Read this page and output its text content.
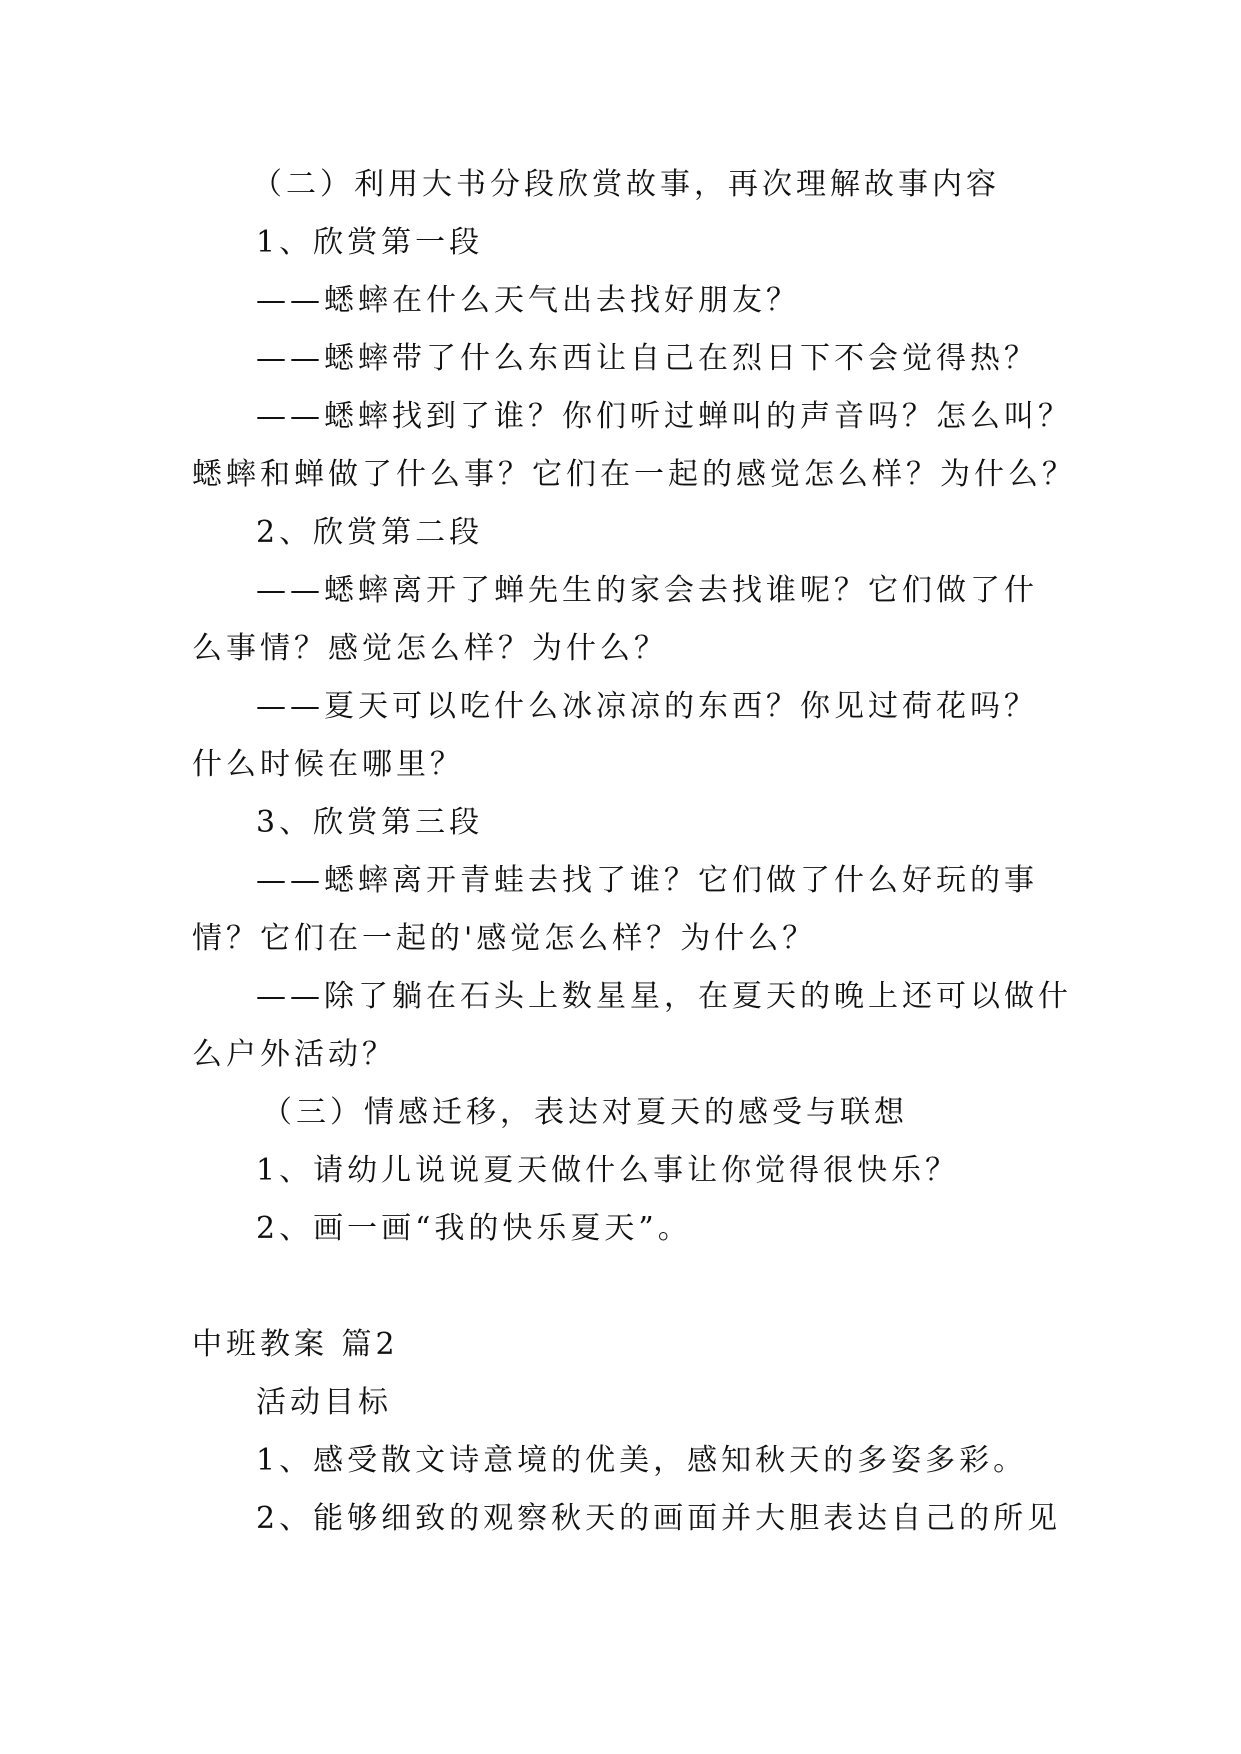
（二）利用大书分段欣赏故事，再次理解故事内容
1、欣赏第一段
——蟋蟀在什么天气出去找好朋友？
——蟋蟀带了什么东西让自己在烈日下不会觉得热？
——蟋蟀找到了谁？你们听过蝉叫的声音吗？怎么叫？
蟋蟀和蝉做了什么事？它们在一起的感觉怎么样？为什么？
2、欣赏第二段
——蟋蟀离开了蝉先生的家会去找谁呢？它们做了什
么事情？感觉怎么样？为什么？
——夏天可以吃什么冰凉凉的东西？你见过荷花吗？
什么时候在哪里？
3、欣赏第三段
——蟋蟀离开青蛙去找了谁？它们做了什么好玩的事
情？它们在一起的'感觉怎么样？为什么？
——除了躺在石头上数星星，在夏天的晚上还可以做什
么户外活动？
（三）情感迁移，表达对夏天的感受与联想
1、请幼儿说说夏天做什么事让你觉得很快乐？
2、画一画“我的快乐夏天”。
中班教案 篇2
活动目标
1、感受散文诗意境的优美，感知秋天的多姿多彩。
2、能够细致的观察秋天的画面并大胆表达自己的所见
